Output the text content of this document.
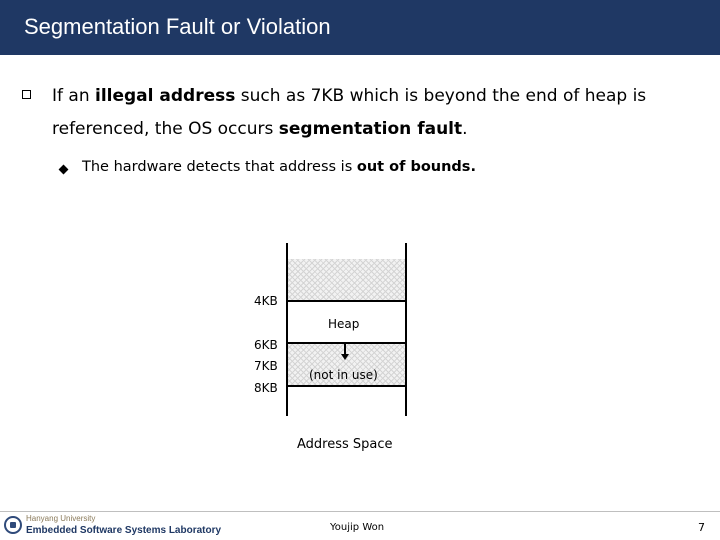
Segmentation Fault or Violation
If an illegal address such as 7KB which is beyond the end of heap is referenced, the OS occurs segmentation fault.
The hardware detects that address is out of bounds.
4KB
6KB
7KB
8KB
Heap
(not in use)
Address Space
Hanyang University
Embedded Software Systems Laboratory	Youjip Won	7
